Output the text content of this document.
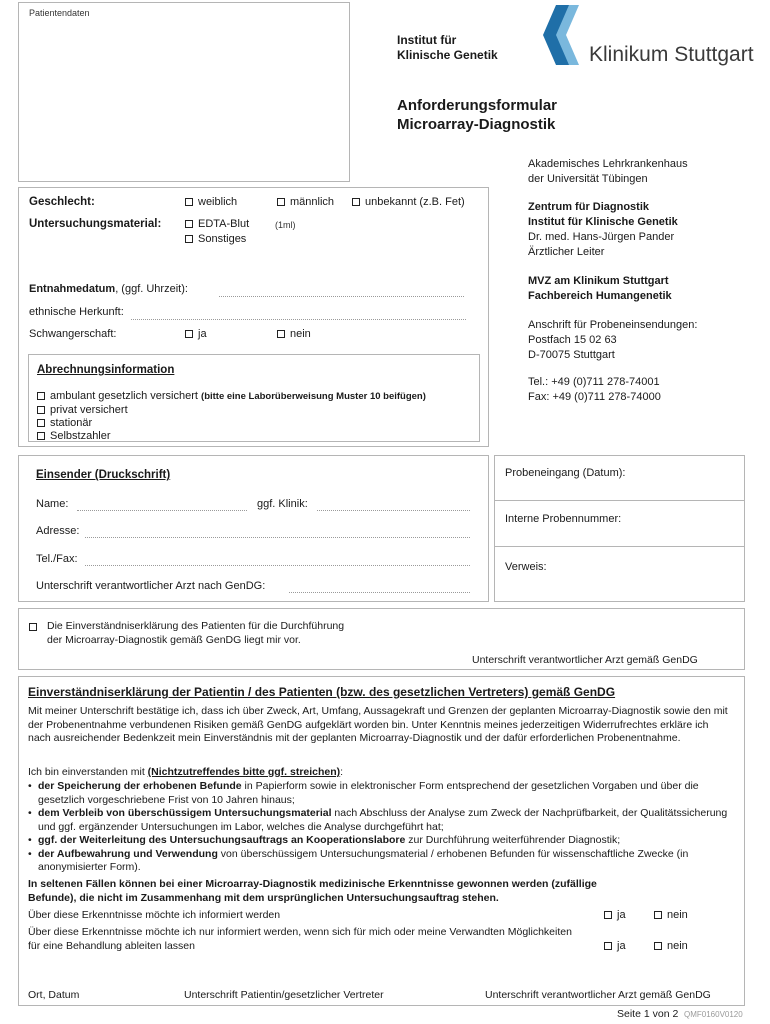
Patientendaten
Institut für
Klinische Genetik	Klinikum Stuttgart
Anforderungsformular
Microarray-Diagnostik
Akademisches Lehrkrankenhaus
der Universität Tübingen
Zentrum für Diagnostik
Institut für Klinische Genetik
Dr. med. Hans-Jürgen Pander
Ärztlicher Leiter
MVZ am Klinikum Stuttgart
Fachbereich Humangenetik
Anschrift für Probeneinsendungen:
Postfach 15 02 63
D-70075 Stuttgart
Tel.: +49 (0)711 278-74001
Fax: +49 (0)711 278-74000
Geschlecht:	weiblich	männlich	unbekannt (z.B. Fet)
Untersuchungsmaterial:	EDTA-Blut	(1ml)
Sonstiges
Entnahmedatum, (ggf. Uhrzeit):
ethnische Herkunft:
Schwangerschaft:	ja	nein
Abrechnungsinformation
ambulant gesetzlich versichert (bitte eine Laborüberweisung Muster 10 beifügen)
privat versichert
stationär
Selbstzahler
Einsender (Druckschrift)
Name:	ggf. Klinik:
Adresse:
Tel./Fax:
Unterschrift verantwortlicher Arzt nach GenDG:
Probeneingang (Datum):
Interne Probennummer:
Verweis:
Die Einverständniserklärung des Patienten für die Durchführung
der Microarray-Diagnostik gemäß GenDG liegt mir vor.
Unterschrift verantwortlicher Arzt gemäß GenDG
Einverständniserklärung der Patientin / des Patienten (bzw. des gesetzlichen Vertreters) gemäß GenDG
Mit meiner Unterschrift bestätige ich, dass ich über Zweck, Art, Umfang, Aussagekraft und Grenzen der geplanten Microarray-Diagnostik sowie den mit der Probenentnahme verbundenen Risiken gemäß GenDG aufgeklärt worden bin. Unter Kenntnis meines jederzeitigen Widerrufrechtes erkläre ich nach ausreichender Bedenkzeit mein Einverständnis mit der geplanten Microarray-Diagnostik und der dafür erforderlichen Probenentnahme.
Ich bin einverstanden mit (Nichtzutreffendes bitte ggf. streichen):
• der Speicherung der erhobenen Befunde in Papierform sowie in elektronischer Form entsprechend der gesetzlichen Vorgaben und über die gesetzlich vorgeschriebene Frist von 10 Jahren hinaus;
• dem Verbleib von überschüssigem Untersuchungsmaterial nach Abschluss der Analyse zum Zweck der Nachprüfbarkeit, der Qualitätssicherung und ggf. ergänzender Untersuchungen im Labor, welches die Analyse durchgeführt hat;
• ggf. der Weiterleitung des Untersuchungsauftrags an Kooperationslabore zur Durchführung weiterführender Diagnostik;
• der Aufbewahrung und Verwendung von überschüssigem Untersuchungsmaterial / erhobenen Befunden für wissenschaftliche Zwecke (in anonymisierter Form).
In seltenen Fällen können bei einer Microarray-Diagnostik medizinische Erkenntnisse gewonnen werden (zufällige Befunde), die nicht im Zusammenhang mit dem ursprünglichen Untersuchungsauftrag stehen.
Über diese Erkenntnisse möchte ich informiert werden	ja	nein
Über diese Erkenntnisse möchte ich nur informiert werden, wenn sich für mich oder meine Verwandten Möglichkeiten für eine Behandlung ableiten lassen	ja	nein
Ort, Datum	Unterschrift Patientin/gesetzlicher Vertreter	Unterschrift verantwortlicher Arzt gemäß GenDG
Seite 1 von 2 QMF0160V0120
